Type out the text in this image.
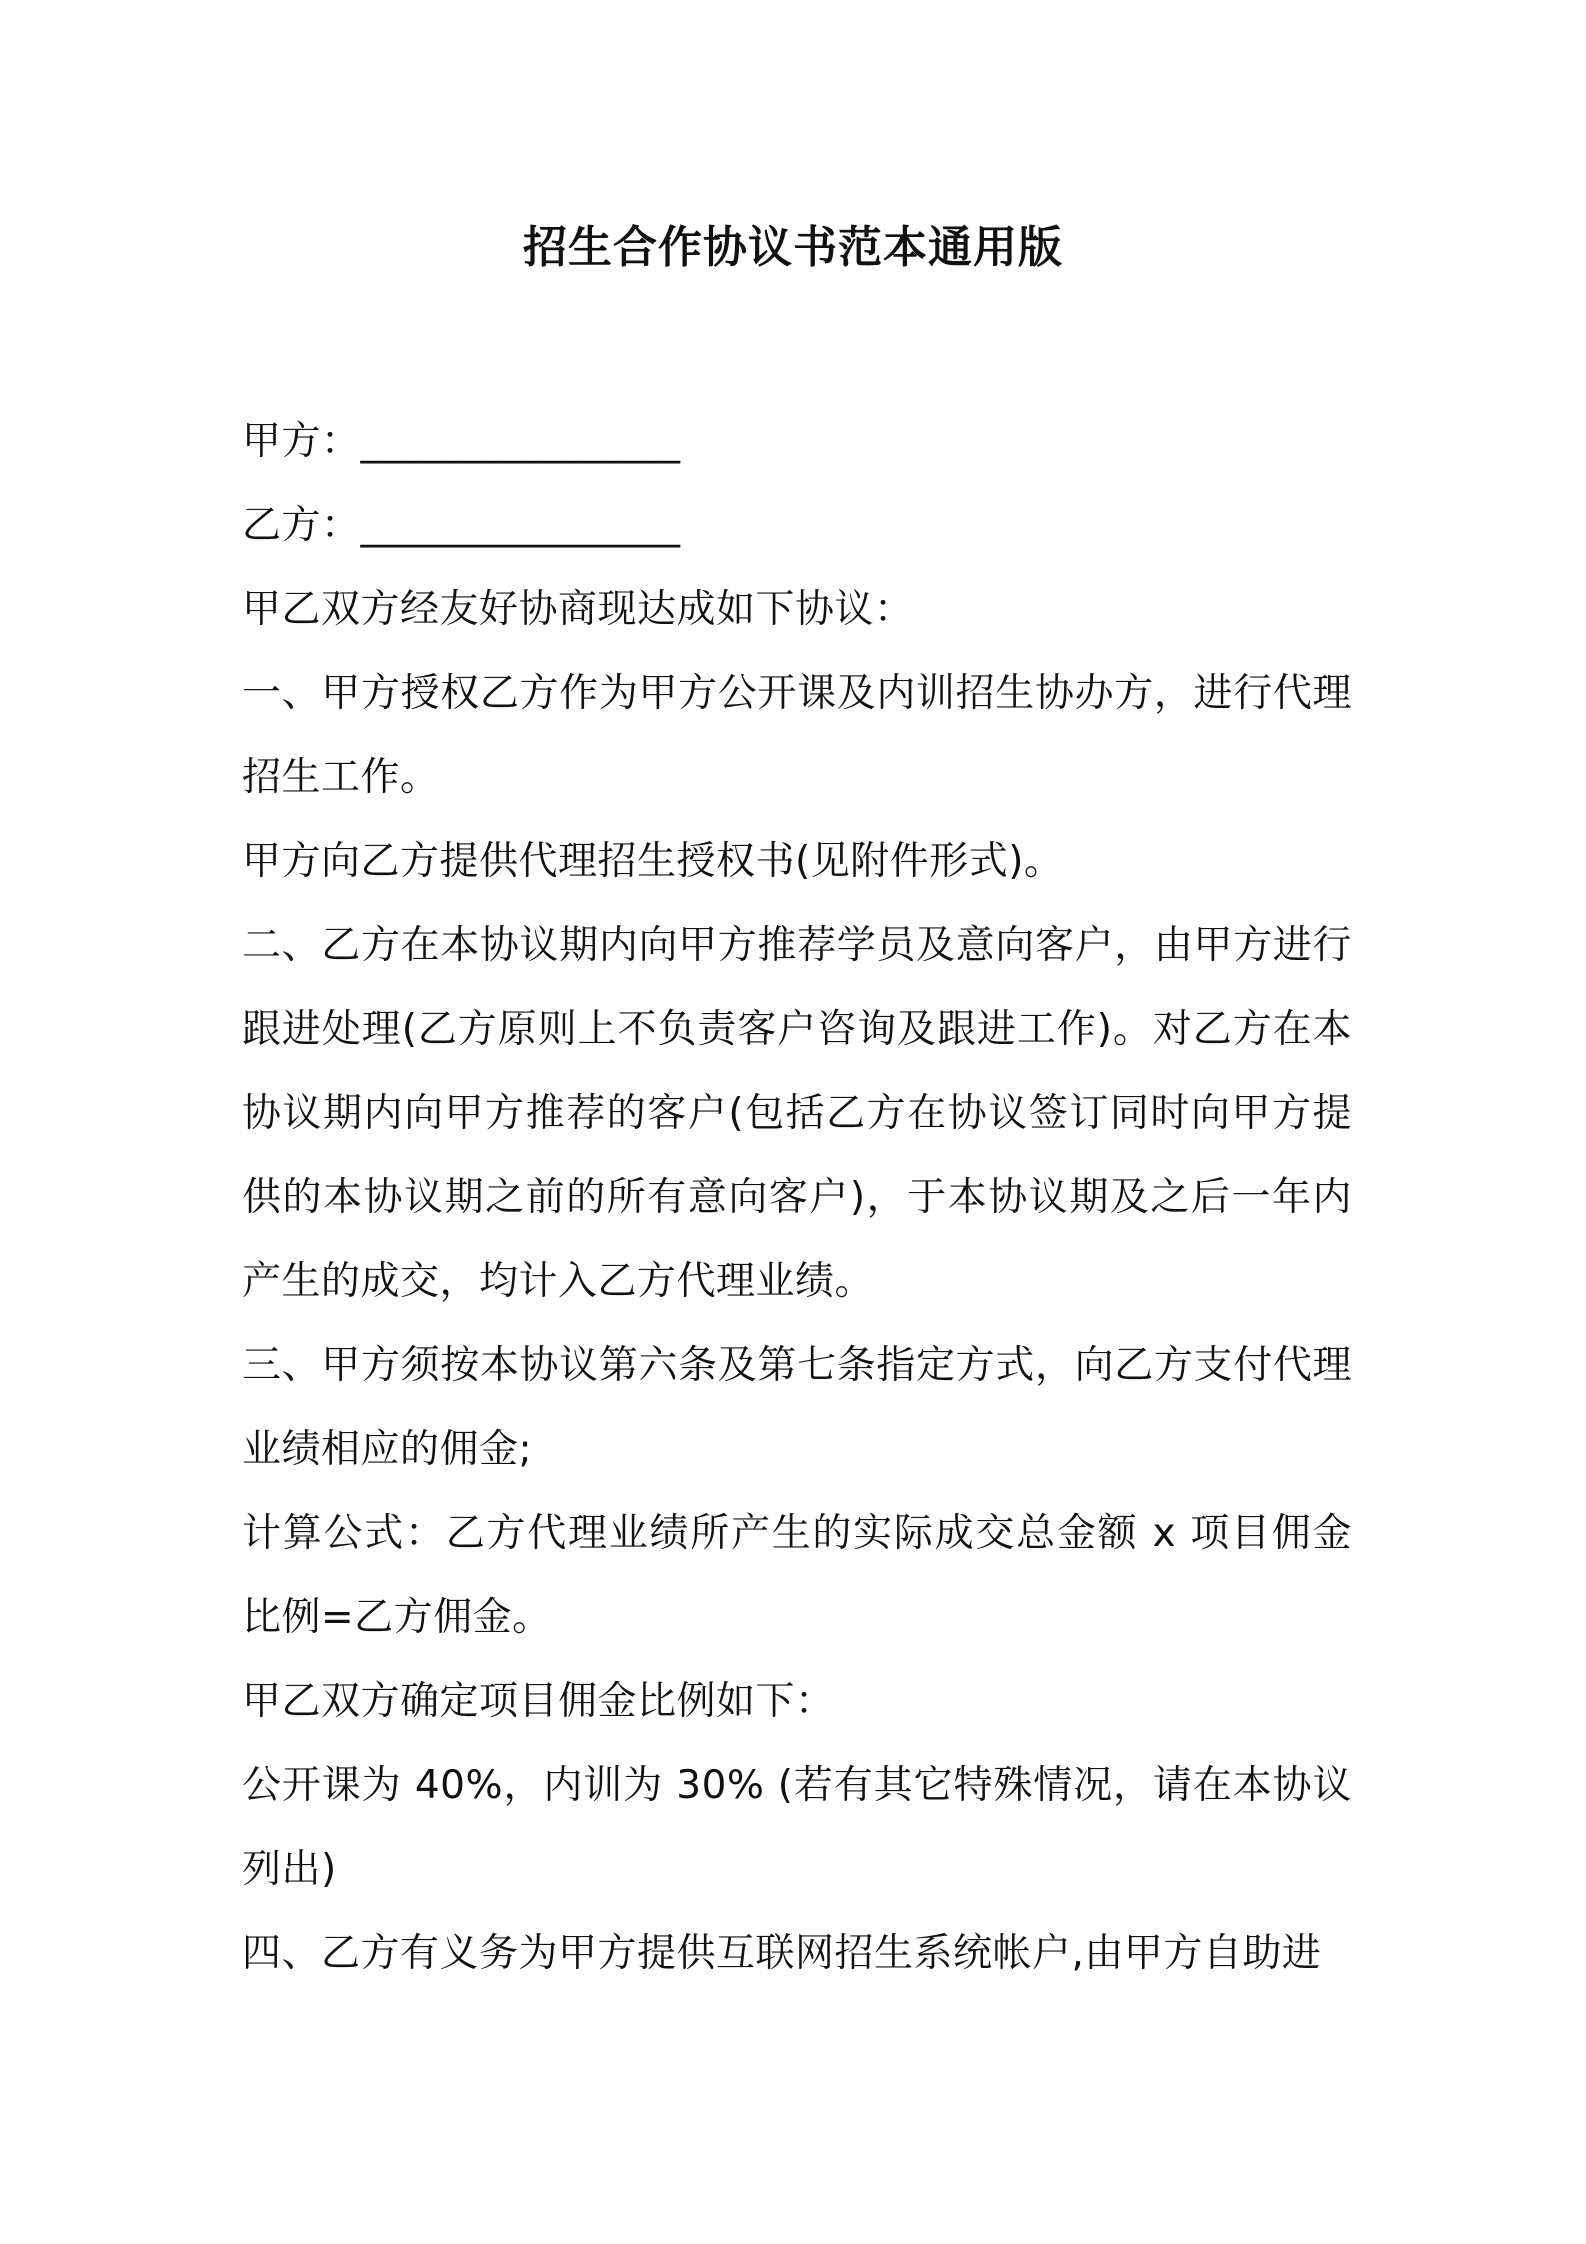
招生合作协议书范本通用版

甲方：________________

乙方：________________

甲乙双方经友好协商现达成如下协议：

一、甲方授权乙方作为甲方公开课及内训招生协办方，进行代理招生工作。

甲方向乙方提供代理招生授权书(见附件形式)。

二、乙方在本协议期内向甲方推荐学员及意向客户，由甲方进行跟进处理(乙方原则上不负责客户咨询及跟进工作)。对乙方在本协议期内向甲方推荐的客户(包括乙方在协议签订同时向甲方提供的本协议期之前的所有意向客户)，于本协议期及之后一年内产生的成交，均计入乙方代理业绩。

三、甲方须按本协议第六条及第七条指定方式，向乙方支付代理业绩相应的佣金;

计算公式：乙方代理业绩所产生的实际成交总金额 x 项目佣金比例=乙方佣金。

甲乙双方确定项目佣金比例如下：

公开课为 40%，内训为 30% (若有其它特殊情况，请在本协议列出)

四、乙方有义务为甲方提供互联网招生系统帐户,由甲方自助进
